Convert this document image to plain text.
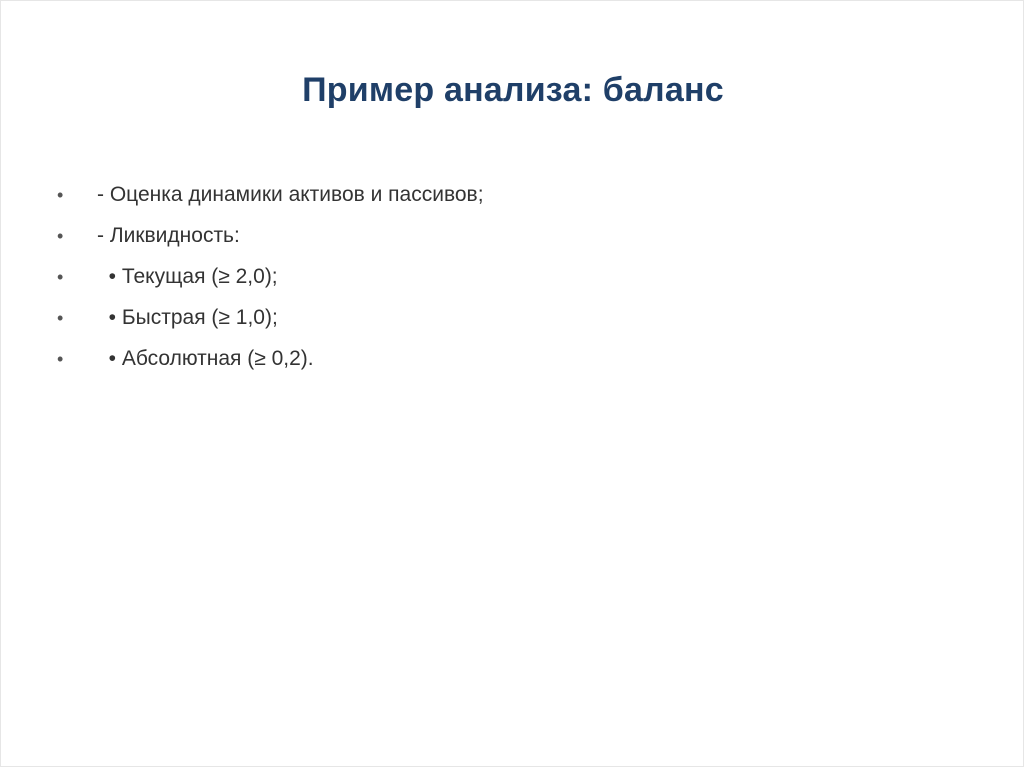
Пример анализа: баланс
•	- Оценка динамики активов и пассивов;
•	- Ликвидность:
•	• Текущая (≥ 2,0);
•	• Быстрая (≥ 1,0);
•	• Абсолютная (≥ 0,2).
